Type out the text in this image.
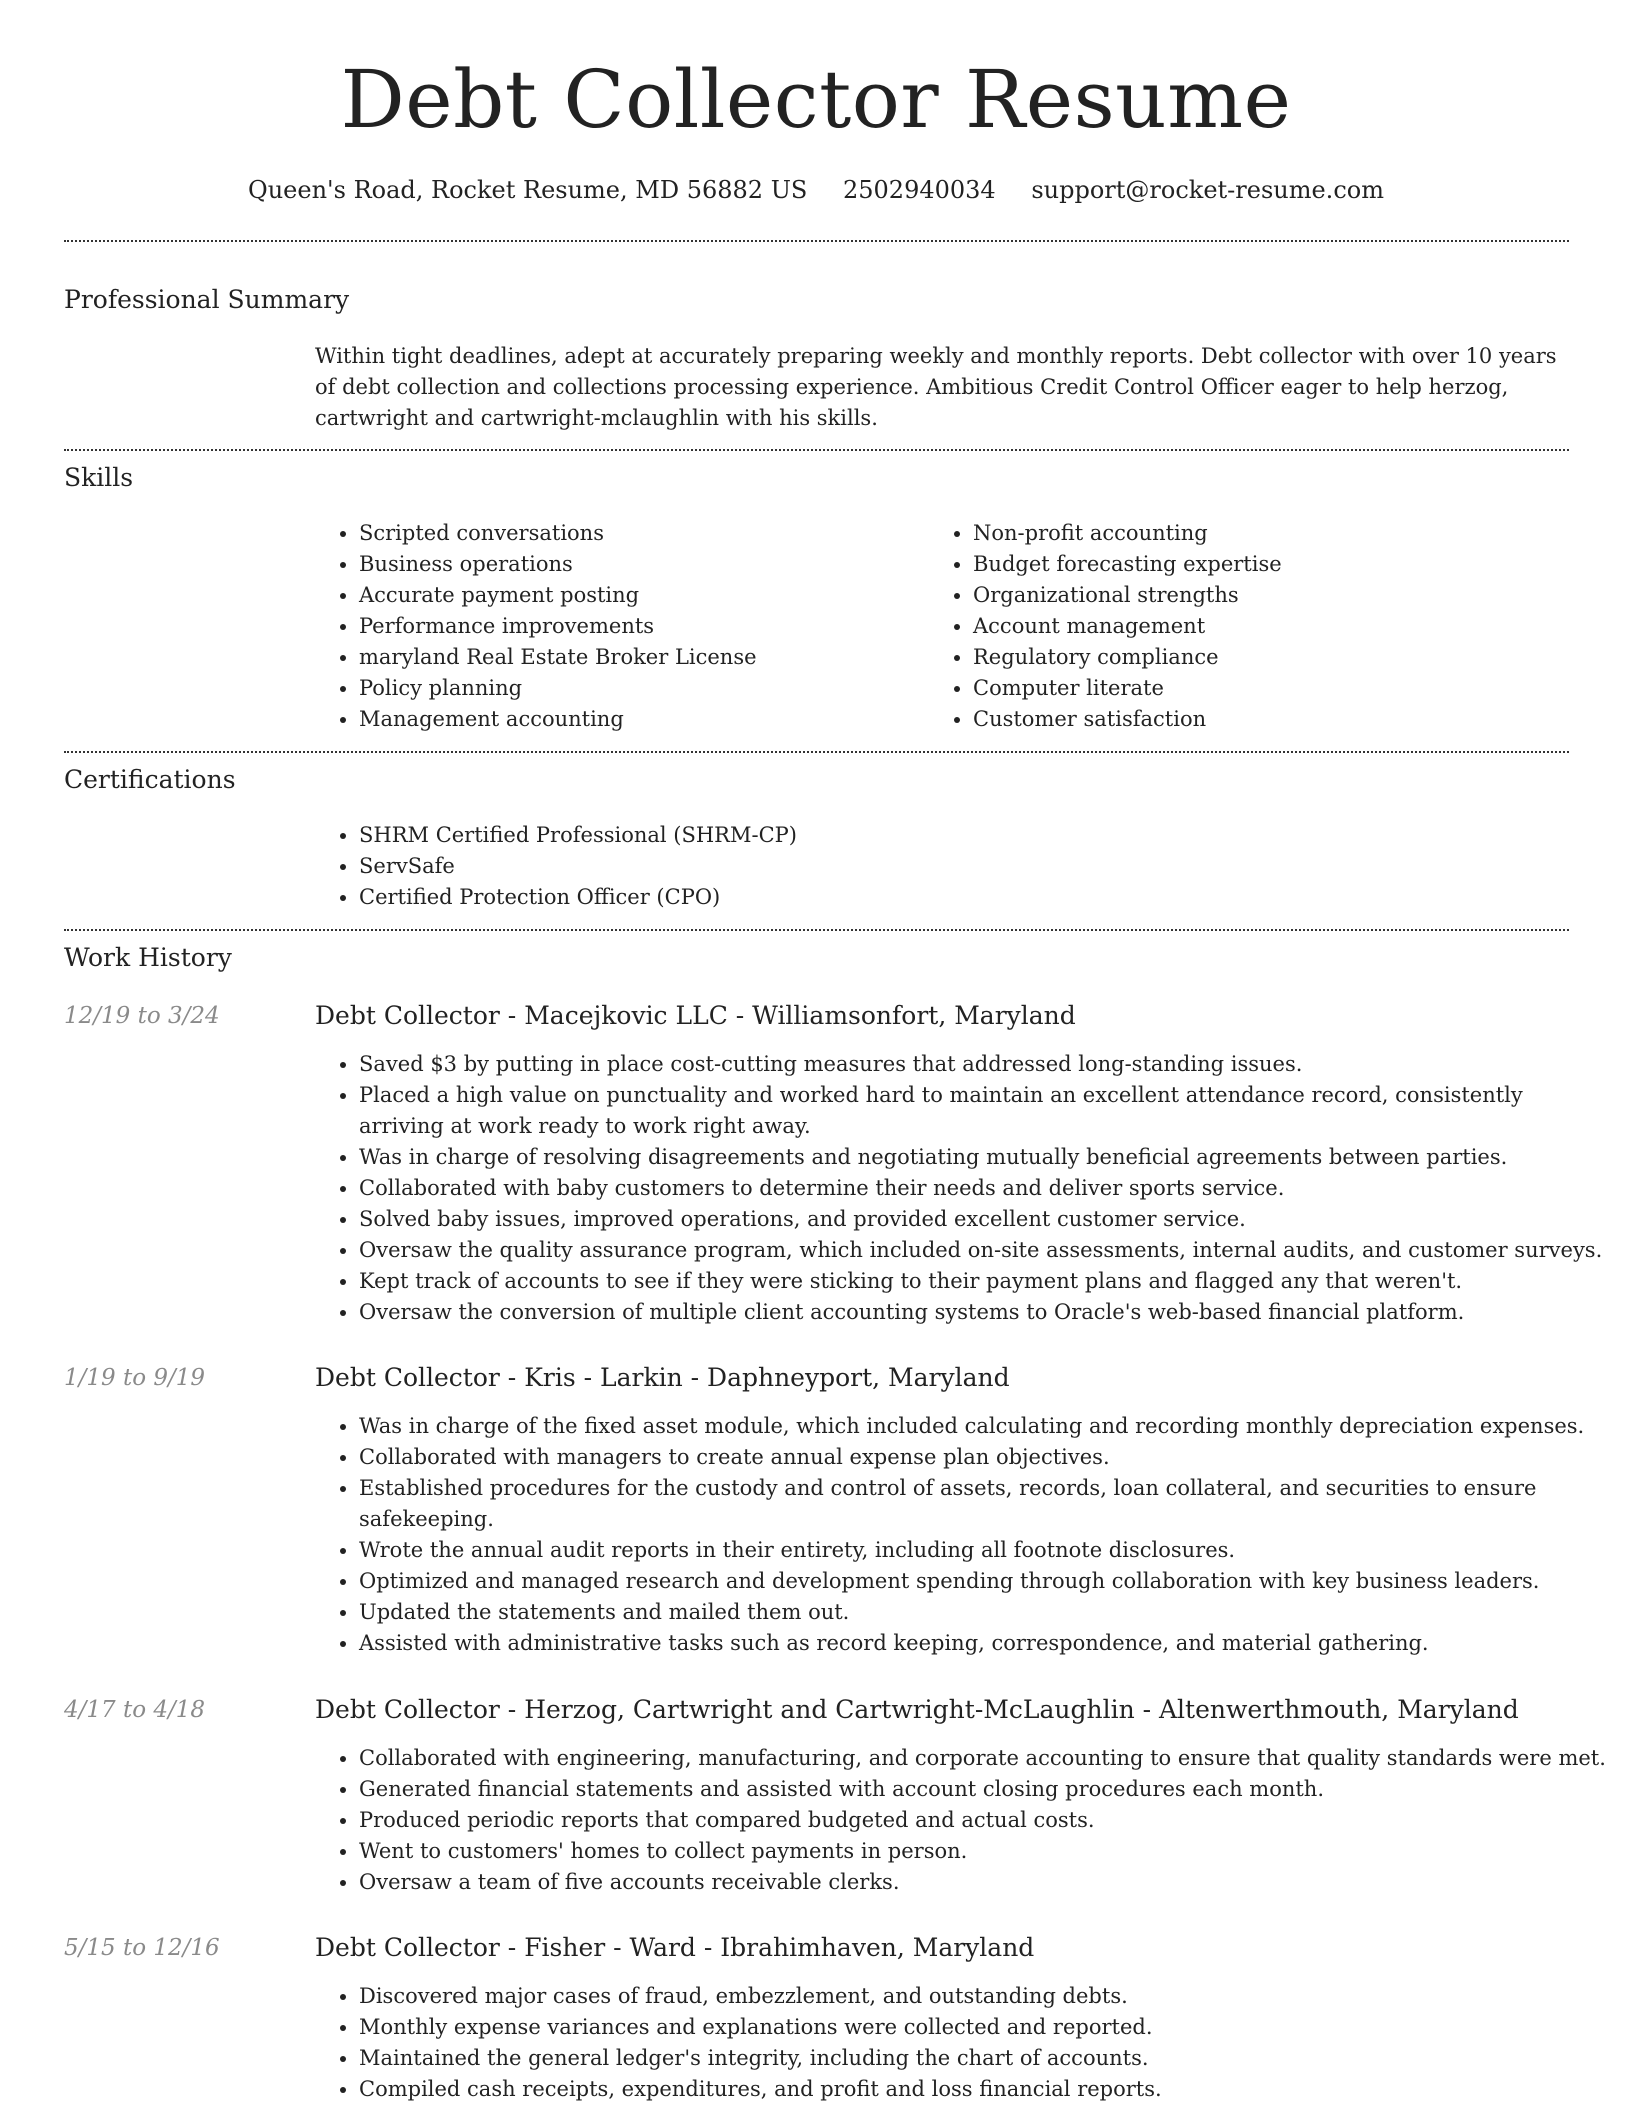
Debt Collector Resume
Queen's Road, Rocket Resume, MD 56882 US 2502940034 support@rocket-resume.com
Professional Summary

Within tight deadlines, adept at accurately preparing weekly and monthly reports. Debt collector with over 10 years of debt collection and collections processing experience. Ambitious Credit Control Officer eager to help herzog, cartwright and cartwright-mclaughlin with his skills.

Skills
• Scripted conversations
• Business operations
• Accurate payment posting
• Performance improvements
• maryland Real Estate Broker License
• Policy planning
• Management accounting
• Non-profit accounting
• Budget forecasting expertise
• Organizational strengths
• Account management
• Regulatory compliance
• Computer literate
• Customer satisfaction
Certifications
• SHRM Certified Professional (SHRM-CP)
• ServSafe
• Certified Protection Officer (CPO)
Work History
12/19 to 3/24	Debt Collector - Macejkovic LLC - Williamsonfort, Maryland
• Saved $3 by putting in place cost-cutting measures that addressed long-standing issues.
• Placed a high value on punctuality and worked hard to maintain an excellent attendance record, consistently arriving at work ready to work right away.
• Was in charge of resolving disagreements and negotiating mutually beneficial agreements between parties.
• Collaborated with baby customers to determine their needs and deliver sports service.
• Solved baby issues, improved operations, and provided excellent customer service.
• Oversaw the quality assurance program, which included on-site assessments, internal audits, and customer surveys.
• Kept track of accounts to see if they were sticking to their payment plans and flagged any that weren't.
• Oversaw the conversion of multiple client accounting systems to Oracle's web-based financial platform.
1/19 to 9/19	Debt Collector - Kris - Larkin - Daphneyport, Maryland
• Was in charge of the fixed asset module, which included calculating and recording monthly depreciation expenses.
• Collaborated with managers to create annual expense plan objectives.
• Established procedures for the custody and control of assets, records, loan collateral, and securities to ensure safekeeping.
• Wrote the annual audit reports in their entirety, including all footnote disclosures.
• Optimized and managed research and development spending through collaboration with key business leaders.
• Updated the statements and mailed them out.
• Assisted with administrative tasks such as record keeping, correspondence, and material gathering.
4/17 to 4/18	Debt Collector - Herzog, Cartwright and Cartwright-McLaughlin - Altenwerthmouth, Maryland
• Collaborated with engineering, manufacturing, and corporate accounting to ensure that quality standards were met.
• Generated financial statements and assisted with account closing procedures each month.
• Produced periodic reports that compared budgeted and actual costs.
• Went to customers' homes to collect payments in person.
• Oversaw a team of five accounts receivable clerks.
5/15 to 12/16	Debt Collector - Fisher - Ward - Ibrahimhaven, Maryland
• Discovered major cases of fraud, embezzlement, and outstanding debts.
• Monthly expense variances and explanations were collected and reported.
• Maintained the general ledger's integrity, including the chart of accounts.
• Compiled cash receipts, expenditures, and profit and loss financial reports.
